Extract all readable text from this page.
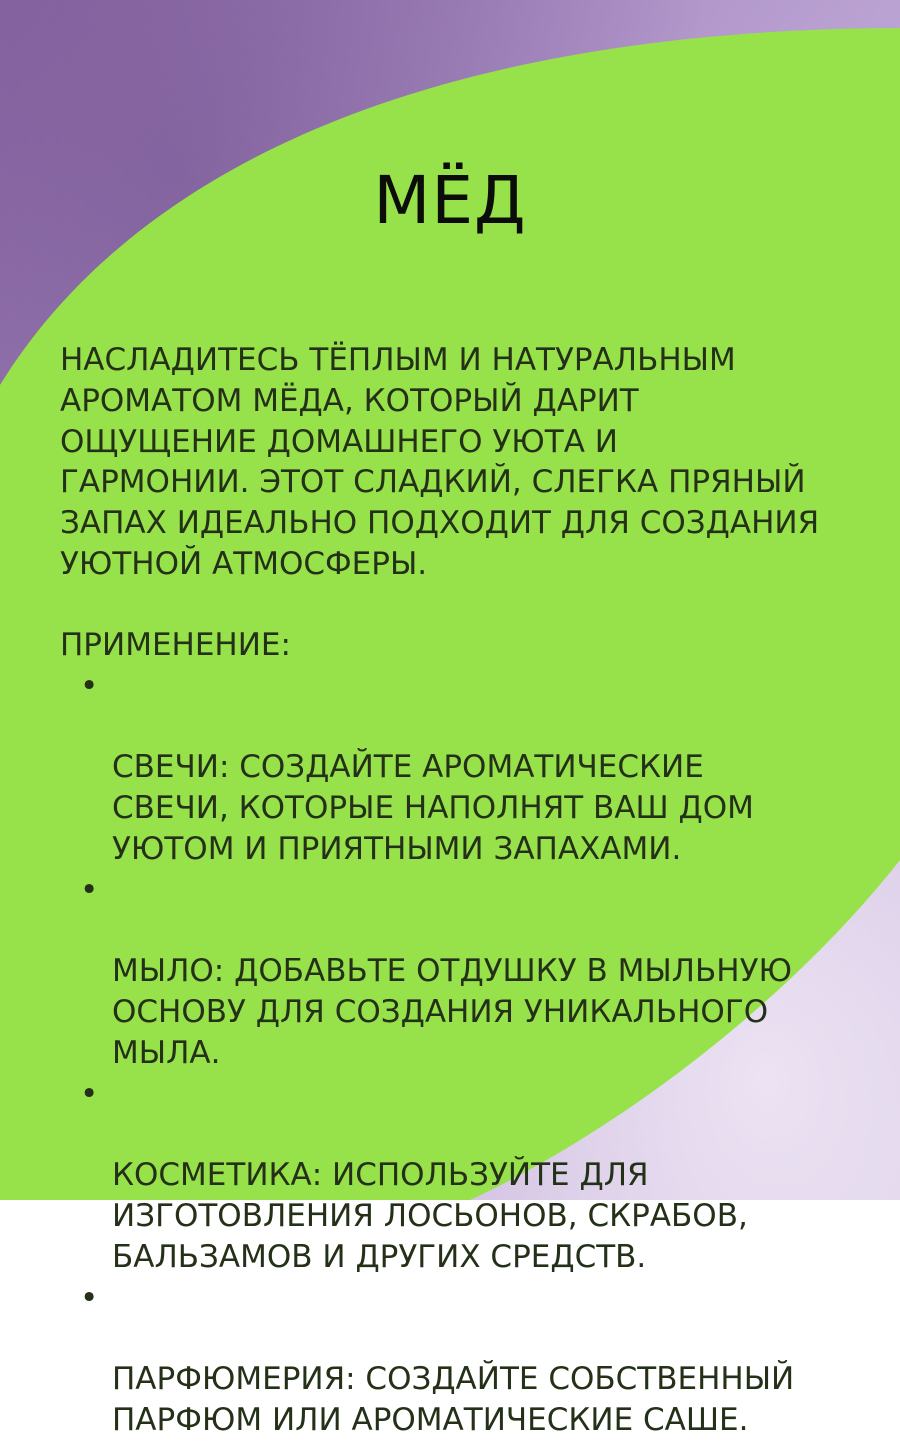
МЁД

НАСЛАДИТЕСЬ ТЁПЛЫМ И НАТУРАЛЬНЫМ
АРОМАТОМ МЁДА, КОТОРЫЙ ДАРИТ
ОЩУЩЕНИЕ ДОМАШНЕГО УЮТА И
ГАРМОНИИ. ЭТОТ СЛАДКИЙ, СЛЕГКА ПРЯНЫЙ
ЗАПАХ ИДЕАЛЬНО ПОДХОДИТ ДЛЯ СОЗДАНИЯ
УЮТНОЙ АТМОСФЕРЫ.

ПРИМЕНЕНИЕ:

•

СВЕЧИ: СОЗДАЙТЕ АРОМАТИЧЕСКИЕ
СВЕЧИ, КОТОРЫЕ НАПОЛНЯТ ВАШ ДОМ
УЮТОМ И ПРИЯТНЫМИ ЗАПАХАМИ.

•

МЫЛО: ДОБАВЬТЕ ОТДУШКУ В МЫЛЬНУЮ
ОСНОВУ ДЛЯ СОЗДАНИЯ УНИКАЛЬНОГО
МЫЛА.

•

КОСМЕТИКА: ИСПОЛЬЗУЙТЕ ДЛЯ
ИЗГОТОВЛЕНИЯ ЛОСЬОНОВ, СКРАБОВ,
БАЛЬЗАМОВ И ДРУГИХ СРЕДСТВ.

•

ПАРФЮМЕРИЯ: СОЗДАЙТЕ СОБСТВЕННЫЙ
ПАРФЮМ ИЛИ АРОМАТИЧЕСКИЕ САШЕ.
